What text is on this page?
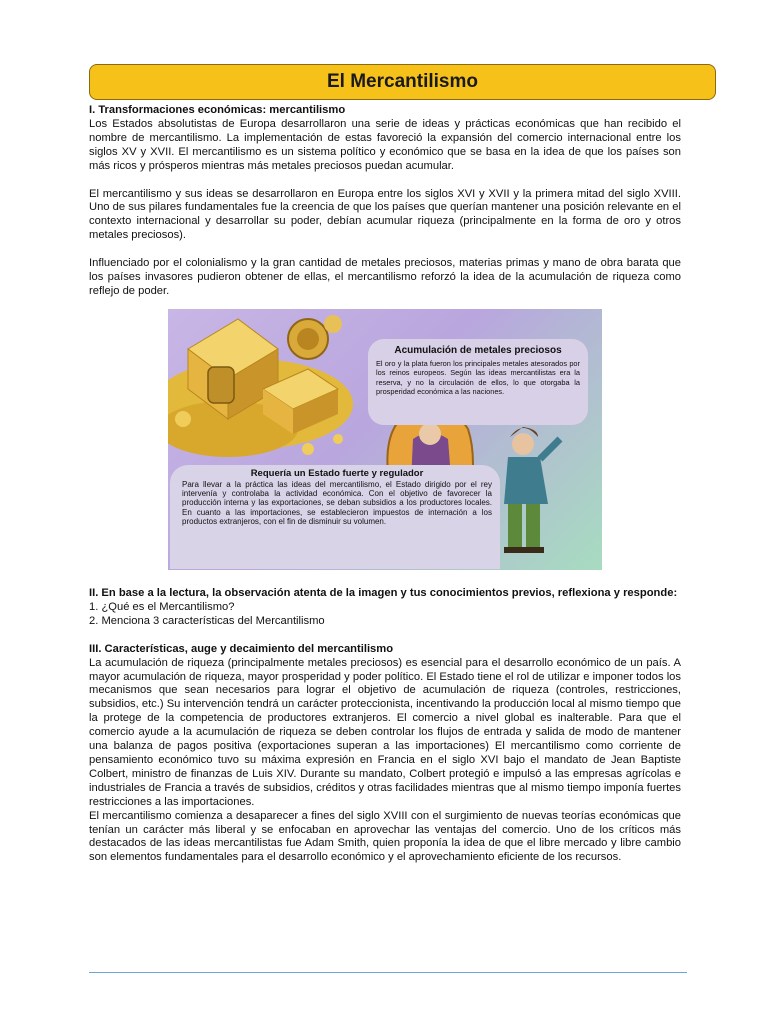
El Mercantilismo

I. Transformaciones económicas: mercantilismo

Los Estados absolutistas de Europa desarrollaron una serie de ideas y prácticas económicas que han recibido el nombre de mercantilismo. La implementación de estas favoreció la expansión del comercio internacional entre los siglos XV y XVII. El mercantilismo es un sistema político y económico que se basa en la idea de que los países son más ricos y prósperos mientras más metales preciosos puedan acumular.

El mercantilismo y sus ideas se desarrollaron en Europa entre los siglos XVI y XVII y la primera mitad del siglo XVIII. Uno de sus pilares fundamentales fue la creencia de que los países que querían mantener una posición relevante en el contexto internacional y desarrollar su poder, debían acumular riqueza (principalmente en la forma de oro y otros metales preciosos).

Influenciado por el colonialismo y la gran cantidad de metales preciosos, materias primas y mano de obra barata que los países invasores pudieron obtener de ellas, el mercantilismo reforzó la idea de la acumulación de riqueza como reflejo de poder.

Acumulación de metales preciosos
El oro y la plata fueron los principales metales atesorados por los reinos europeos. Según las ideas mercantilistas era la reserva, y no la circulación de ellos, lo que otorgaba la prosperidad económica a las naciones.
Requería un Estado fuerte y regulador
Para llevar a la práctica las ideas del mercantilismo, el Estado dirigido por el rey intervenía y controlaba la actividad económica. Con el objetivo de favorecer la producción interna y las exportaciones, se deban subsidios a los productores locales. En cuanto a las importaciones, se establecieron impuestos de internación a los productos extranjeros, con el fin de disminuir su volumen.

II. En base a la lectura, la observación atenta de la imagen y tus conocimientos previos, reflexiona y responde:

1. ¿Qué es el Mercantilismo?

2. Menciona 3 características del Mercantilismo

III. Características, auge y decaimiento del mercantilismo

La acumulación de riqueza (principalmente metales preciosos) es esencial para el desarrollo económico de un país. A mayor acumulación de riqueza, mayor prosperidad y poder político. El Estado tiene el rol de utilizar e imponer todos los mecanismos que sean necesarios para lograr el objetivo de acumulación de riqueza (controles, restricciones, subsidios, etc.) Su intervención tendrá un carácter proteccionista, incentivando la producción local al mismo tiempo que la protege de la competencia de productores extranjeros. El comercio a nivel global es inalterable. Para que el comercio ayude a la acumulación de riqueza se deben controlar los flujos de entrada y salida de modo de mantener una balanza de pagos positiva (exportaciones superan a las importaciones) El mercantilismo como corriente de pensamiento económico tuvo su máxima expresión en Francia en el siglo XVI bajo el mandato de Jean Baptiste Colbert, ministro de finanzas de Luis XIV. Durante su mandato, Colbert protegió e impulsó a las empresas agrícolas e industriales de Francia a través de subsidios, créditos y otras facilidades mientras que al mismo tiempo imponía fuertes restricciones a las importaciones.

El mercantilismo comienza a desaparecer a fines del siglo XVIII con el surgimiento de nuevas teorías económicas que tenían un carácter más liberal y se enfocaban en aprovechar las ventajas del comercio. Uno de los críticos más destacados de las ideas mercantilistas fue Adam Smith, quien proponía la idea de que el libre mercado y libre cambio son elementos fundamentales para el desarrollo económico y el aprovechamiento eficiente de los recursos.
